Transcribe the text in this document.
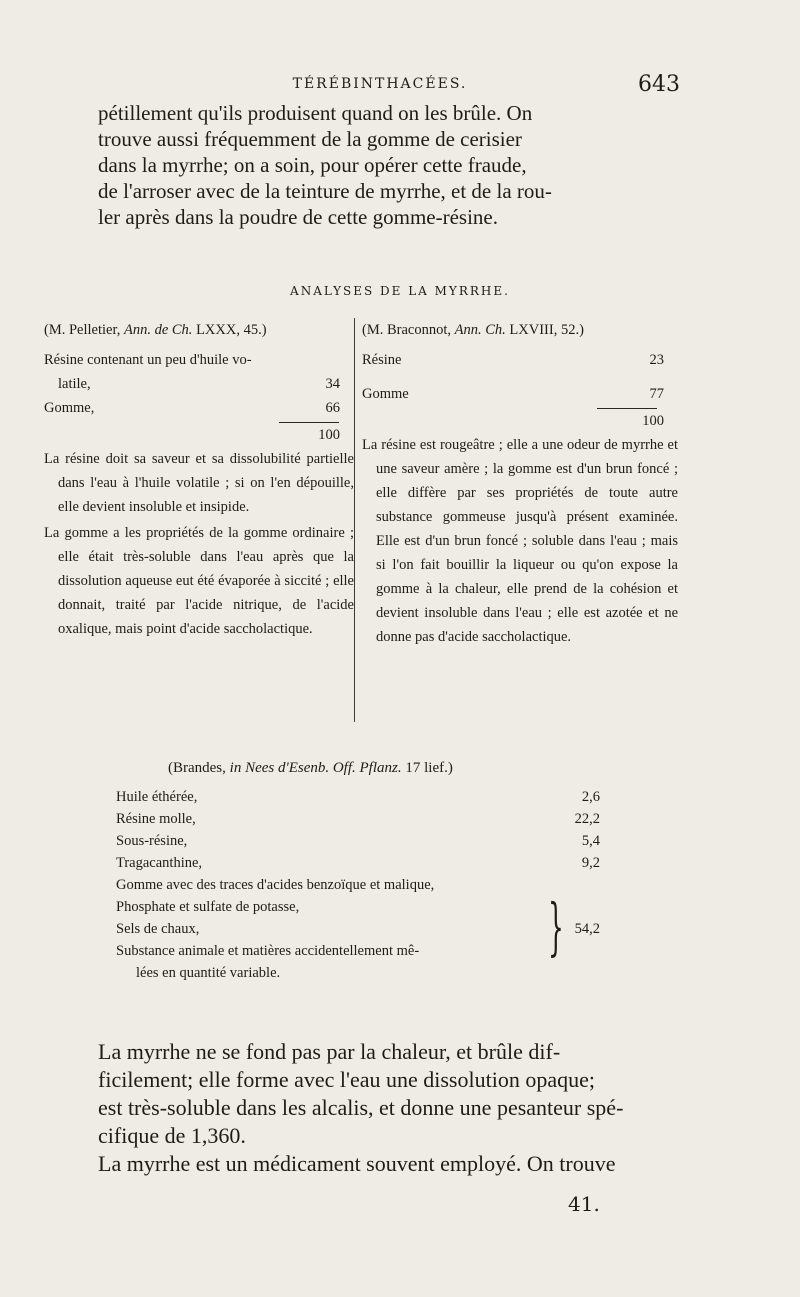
TÉRÉBINTHACÉES.	643
pétillement qu'ils produisent quand on les brûle. On
trouve aussi fréquemment de la gomme de cerisier
dans la myrrhe; on a soin, pour opérer cette fraude,
de l'arroser avec de la teinture de myrrhe, et de la rou-
ler après dans la poudre de cette gomme-résine.
ANALYSES DE LA MYRRHE.
(M. Pelletier, Ann. de Ch. LXXX, 45.)
Résine contenant un peu d'huile vo-
latile,	34
Gomme,	66
100
La résine doit sa saveur et sa dissolubilité partielle dans l'eau à l'huile volatile ; si on l'en dépouille, elle devient insoluble et insipide.
La gomme a les propriétés de la gomme ordinaire ; elle était très-soluble dans l'eau après que la dissolution aqueuse eut été évaporée à siccité ; elle donnait, traité par l'acide nitrique, de l'acide oxalique, mais point d'acide saccholactique.
(M. Braconnot, Ann. Ch. LXVIII, 52.)
Résine	23
Gomme	77
100
La résine est rougeâtre ; elle a une odeur de myrrhe et une saveur amère ; la gomme est d'un brun foncé ; elle diffère par ses propriétés de toute autre substance gommeuse jusqu'à présent examinée. Elle est d'un brun foncé ; soluble dans l'eau ; mais si l'on fait bouillir la liqueur ou qu'on expose la gomme à la chaleur, elle prend de la cohésion et devient insoluble dans l'eau ; elle est azotée et ne donne pas d'acide saccholactique.
(Brandes, in Nees d'Esenb. Off. Pflanz. 17 lief.)
Huile éthérée,	2,6
Résine molle,	22,2
Sous-résine,	5,4
Tragacanthine,	9,2
Gomme avec des traces d'acides benzoïque et malique,
Phosphate et sulfate de potasse,
Sels de chaux,	} 54,2
Substance animale et matières accidentellement mê-
lées en quantité variable.
La myrrhe ne se fond pas par la chaleur, et brûle dif-
ficilement; elle forme avec l'eau une dissolution opaque;
est très-soluble dans les alcalis, et donne une pesanteur spé-
cifique de 1,360.
La myrrhe est un médicament souvent employé. On trouve
41.
